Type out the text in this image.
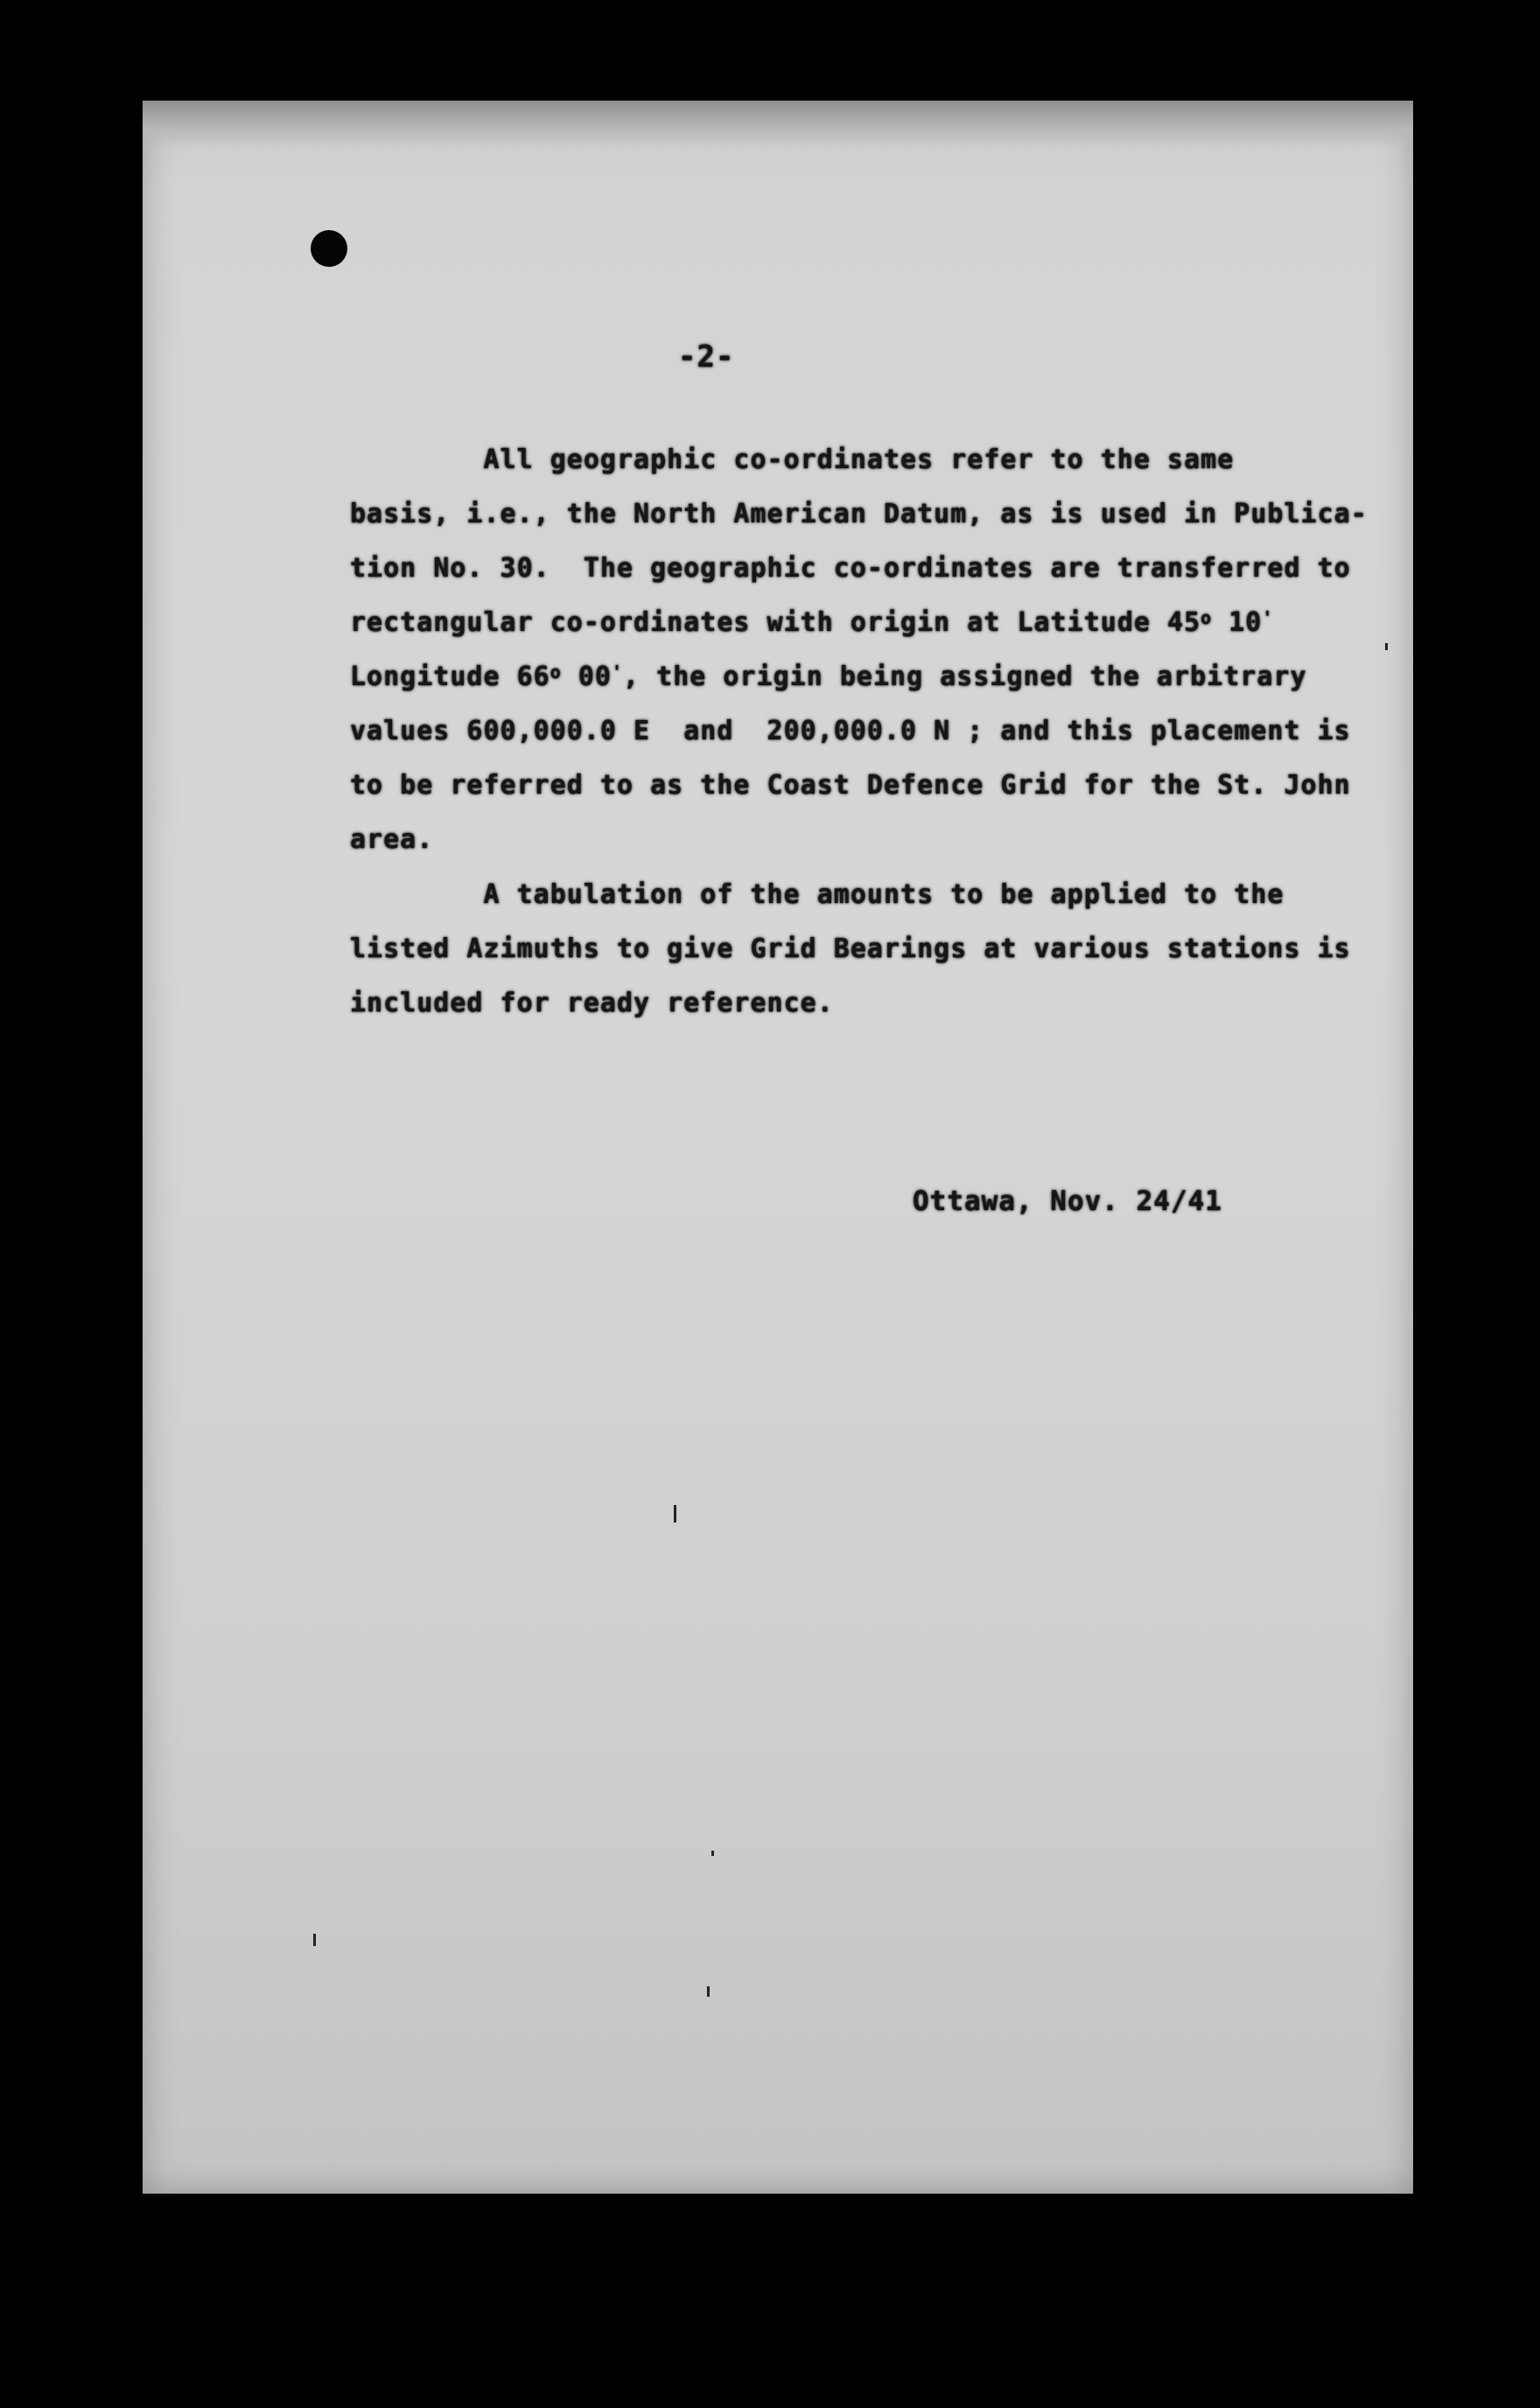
-2-
All geographic co-ordinates refer to the same
basis, i.e., the North American Datum, as is used in Publica-
tion No. 30.  The geographic co-ordinates are transferred to
rectangular co-ordinates with origin at Latitude 45$^o$ 10'
Longitude 66$^o$ 00', the origin being assigned the arbitrary
values 600,000.0 E  and  200,000.0 N ; and this placement is
to be referred to as the Coast Defence Grid for the St. John
area.
A tabulation of the amounts to be applied to the
listed Azimuths to give Grid Bearings at various stations is
included for ready reference.
Ottawa, Nov. 24/41
